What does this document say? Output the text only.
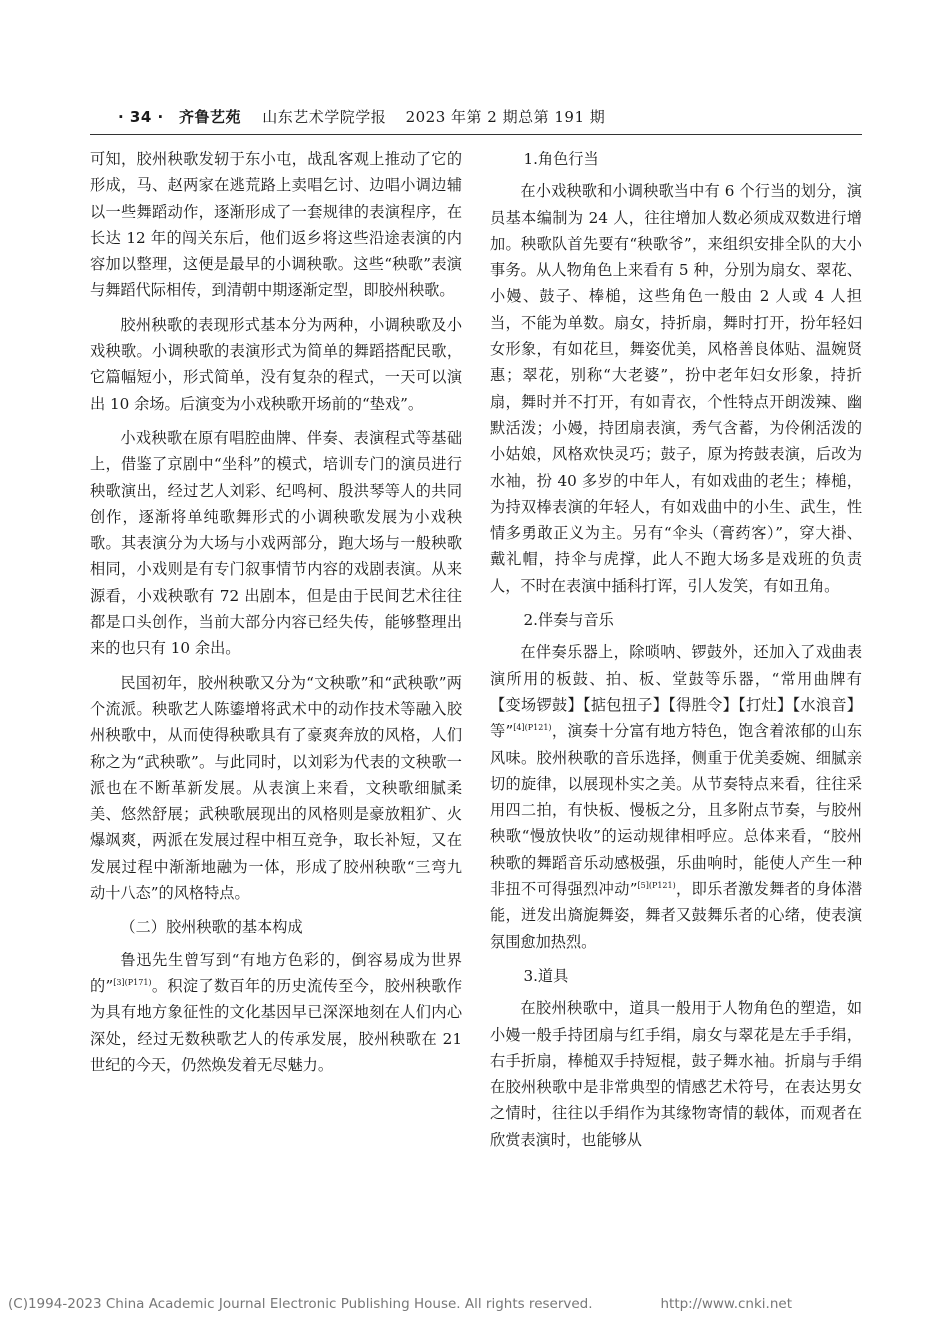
· 34 · 齐鲁艺苑 山东艺术学院学报 2023 年第 2 期总第 191 期

可知，胶州秧歌发轫于东小屯，战乱客观上推动了它的形成，马、赵两家在逃荒路上卖唱乞讨、边唱小调边辅以一些舞蹈动作，逐渐形成了一套规律的表演程序，在长达 12 年的闯关东后，他们返乡将这些沿途表演的内容加以整理，这便是最早的小调秧歌。这些“秧歌”表演与舞蹈代际相传，到清朝中期逐渐定型，即胶州秧歌。

胶州秧歌的表现形式基本分为两种，小调秧歌及小戏秧歌。小调秧歌的表演形式为简单的舞蹈搭配民歌，它篇幅短小，形式简单，没有复杂的程式，一天可以演出 10 余场。后演变为小戏秧歌开场前的“垫戏”。

小戏秧歌在原有唱腔曲牌、伴奏、表演程式等基础上，借鉴了京剧中“坐科”的模式，培训专门的演员进行秧歌演出，经过艺人刘彩、纪鸣柯、殷洪琴等人的共同创作，逐渐将单纯歌舞形式的小调秧歌发展为小戏秧歌。其表演分为大场与小戏两部分，跑大场与一般秧歌相同，小戏则是有专门叙事情节内容的戏剧表演。从来源看，小戏秧歌有 72 出剧本，但是由于民间艺术往往都是口头创作，当前大部分内容已经失传，能够整理出来的也只有 10 余出。

民国初年，胶州秧歌又分为“文秧歌”和“武秧歌”两个流派。秧歌艺人陈鎏增将武术中的动作技术等融入胶州秧歌中，从而使得秧歌具有了豪爽奔放的风格，人们称之为“武秧歌”。与此同时，以刘彩为代表的文秧歌一派也在不断革新发展。从表演上来看，文秧歌细腻柔美、悠然舒展；武秧歌展现出的风格则是豪放粗犷、火爆飒爽，两派在发展过程中相互竞争，取长补短，又在发展过程中渐渐地融为一体，形成了胶州秧歌“三弯九动十八态”的风格特点。

（二）胶州秧歌的基本构成

鲁迅先生曾写到“有地方色彩的，倒容易成为世界的”$^{[3](P171)}$。积淀了数百年的历史流传至今，胶州秧歌作为具有地方象征性的文化基因早已深深地刻在人们内心深处，经过无数秧歌艺人的传承发展，胶州秧歌在 21 世纪的今天，仍然焕发着无尽魅力。

1.角色行当

在小戏秧歌和小调秧歌当中有 6 个行当的划分，演员基本编制为 24 人，往往增加人数必须成双数进行增加。秧歌队首先要有“秧歌爷”，来组织安排全队的大小事务。从人物角色上来看有 5 种，分别为扇女、翠花、小嫚、鼓子、棒槌，这些角色一般由 2 人或 4 人担当，不能为单数。扇女，持折扇，舞时打开，扮年轻妇女形象，有如花旦，舞姿优美，风格善良体贴、温婉贤惠；翠花，别称“大老婆”，扮中老年妇女形象，持折扇，舞时并不打开，有如青衣，个性特点开朗泼辣、幽默活泼；小嫚，持团扇表演，秀气含蓄，为伶俐活泼的小姑娘，风格欢快灵巧；鼓子，原为挎鼓表演，后改为水袖，扮 40 多岁的中年人，有如戏曲的老生；棒槌，为持双棒表演的年轻人，有如戏曲中的小生、武生，性情多勇敢正义为主。另有“伞头（膏药客）”，穿大褂、戴礼帽，持伞与虎撑，此人不跑大场多是戏班的负责人，不时在表演中插科打诨，引人发笑，有如丑角。

2.伴奏与音乐

在伴奏乐器上，除唢呐、锣鼓外，还加入了戏曲表演所用的板鼓、拍、板、堂鼓等乐器，“常用曲牌有【变场锣鼓】【掂包扭子】【得胜令】【打灶】【水浪音】等”$^{[4](P121)}$，演奏十分富有地方特色，饱含着浓郁的山东风味。胶州秧歌的音乐选择，侧重于优美委婉、细腻亲切的旋律，以展现朴实之美。从节奏特点来看，往往采用四二拍，有快板、慢板之分，且多附点节奏，与胶州秧歌“慢放快收”的运动规律相呼应。总体来看，“胶州秧歌的舞蹈音乐动感极强，乐曲响时，能使人产生一种非扭不可得强烈冲动”$^{[5](P121)}$，即乐者激发舞者的身体潜能，迸发出旖旎舞姿，舞者又鼓舞乐者的心绪，使表演氛围愈加热烈。

3.道具

在胶州秧歌中，道具一般用于人物角色的塑造，如小嫚一般手持团扇与红手绢，扇女与翠花是左手手绢，右手折扇，棒槌双手持短棍，鼓子舞水袖。折扇与手绢在胶州秧歌中是非常典型的情感艺术符号，在表达男女之情时，往往以手绢作为其缘物寄情的载体，而观者在欣赏表演时，也能够从

(C)1994-2023 China Academic Journal Electronic Publishing House. All rights reserved.	http://www.cnki.net
